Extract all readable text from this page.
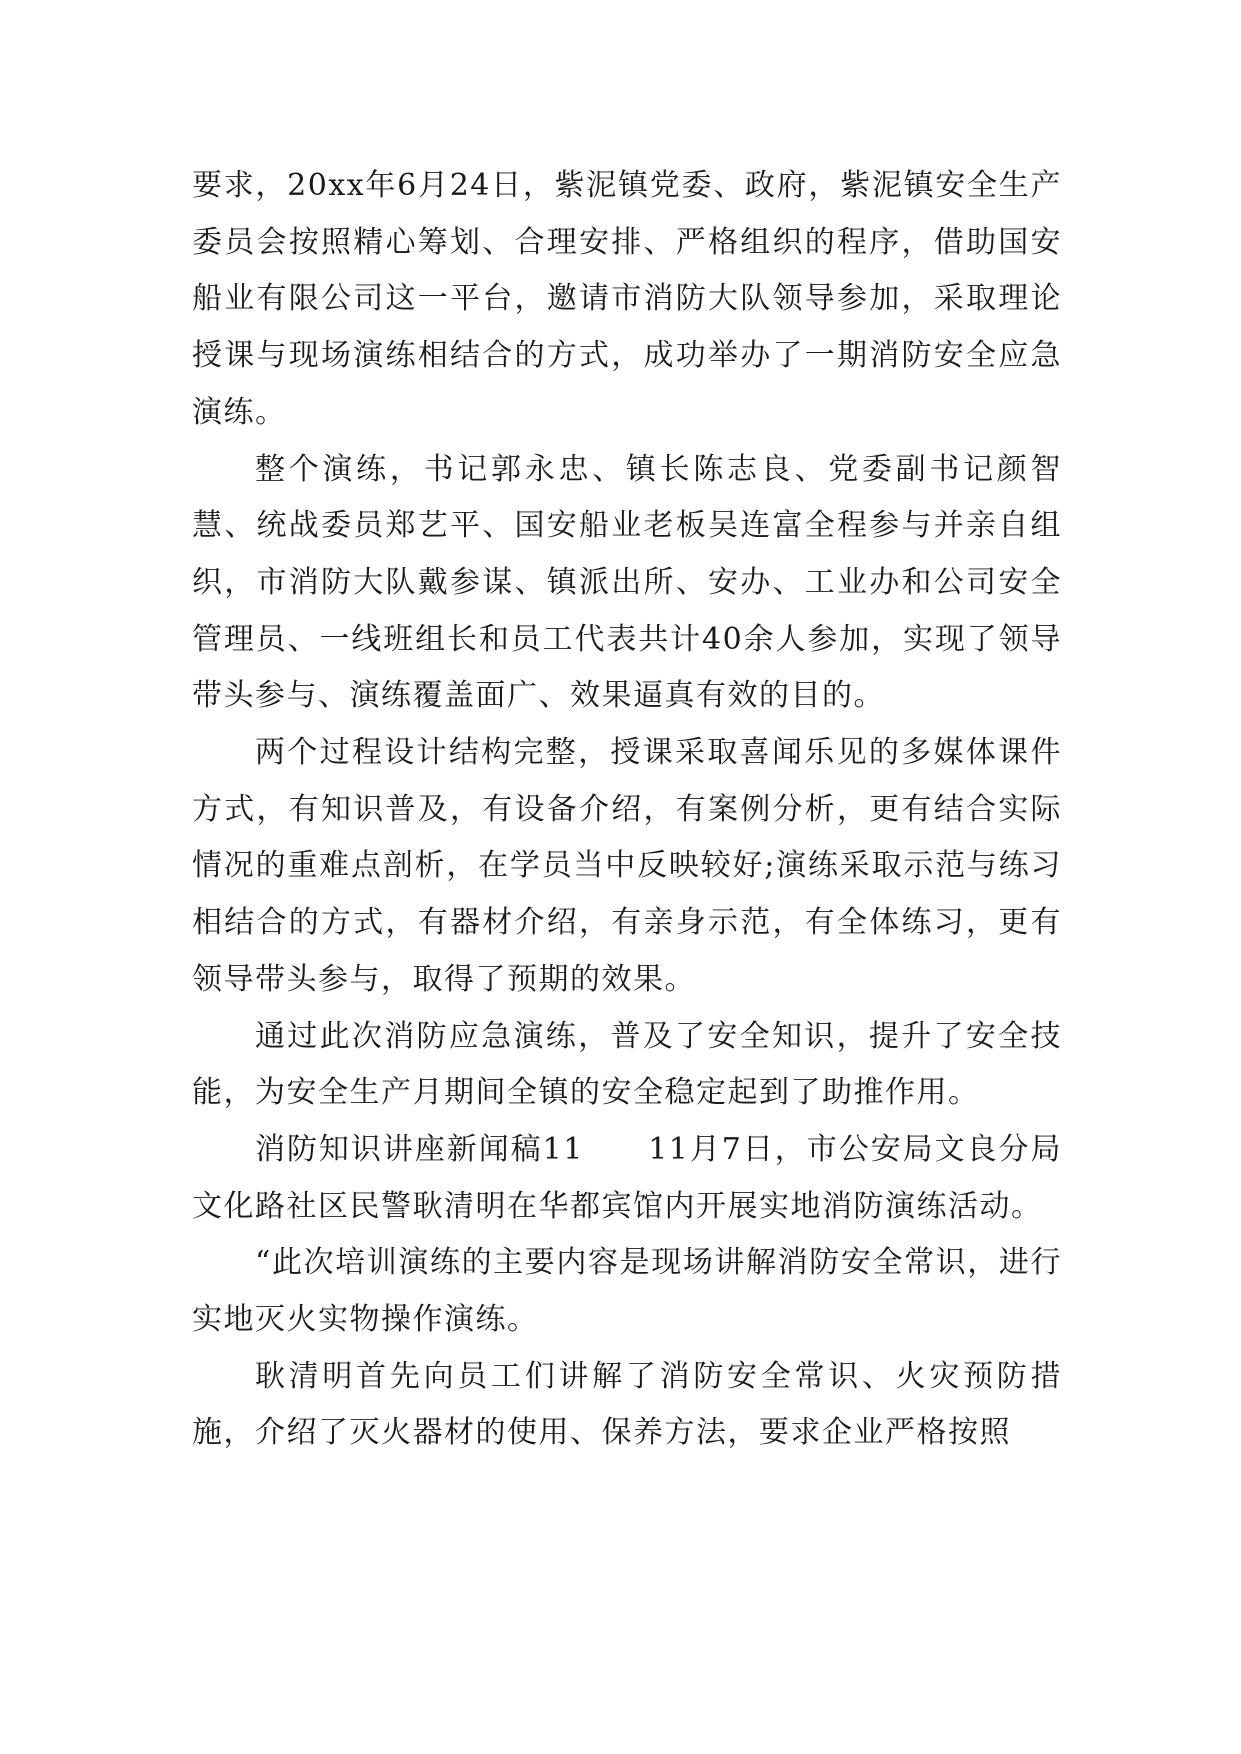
要求，20xx年6月24日，紫泥镇党委、政府，紫泥镇安全生产委员会按照精心筹划、合理安排、严格组织的程序，借助国安船业有限公司这一平台，邀请市消防大队领导参加，采取理论授课与现场演练相结合的方式，成功举办了一期消防安全应急演练。

整个演练，书记郭永忠、镇长陈志良、党委副书记颜智慧、统战委员郑艺平、国安船业老板吴连富全程参与并亲自组织，市消防大队戴参谋、镇派出所、安办、工业办和公司安全管理员、一线班组长和员工代表共计40余人参加，实现了领导带头参与、演练覆盖面广、效果逼真有效的目的。

两个过程设计结构完整，授课采取喜闻乐见的多媒体课件方式，有知识普及，有设备介绍，有案例分析，更有结合实际情况的重难点剖析，在学员当中反映较好;演练采取示范与练习相结合的方式，有器材介绍，有亲身示范，有全体练习，更有领导带头参与，取得了预期的效果。

通过此次消防应急演练，普及了安全知识，提升了安全技能，为安全生产月期间全镇的安全稳定起到了助推作用。

消防知识讲座新闻稿11　　11月7日，市公安局文良分局文化路社区民警耿清明在华都宾馆内开展实地消防演练活动。

“此次培训演练的主要内容是现场讲解消防安全常识，进行实地灭火实物操作演练。

耿清明首先向员工们讲解了消防安全常识、火灾预防措施，介绍了灭火器材的使用、保养方法，要求企业严格按照
